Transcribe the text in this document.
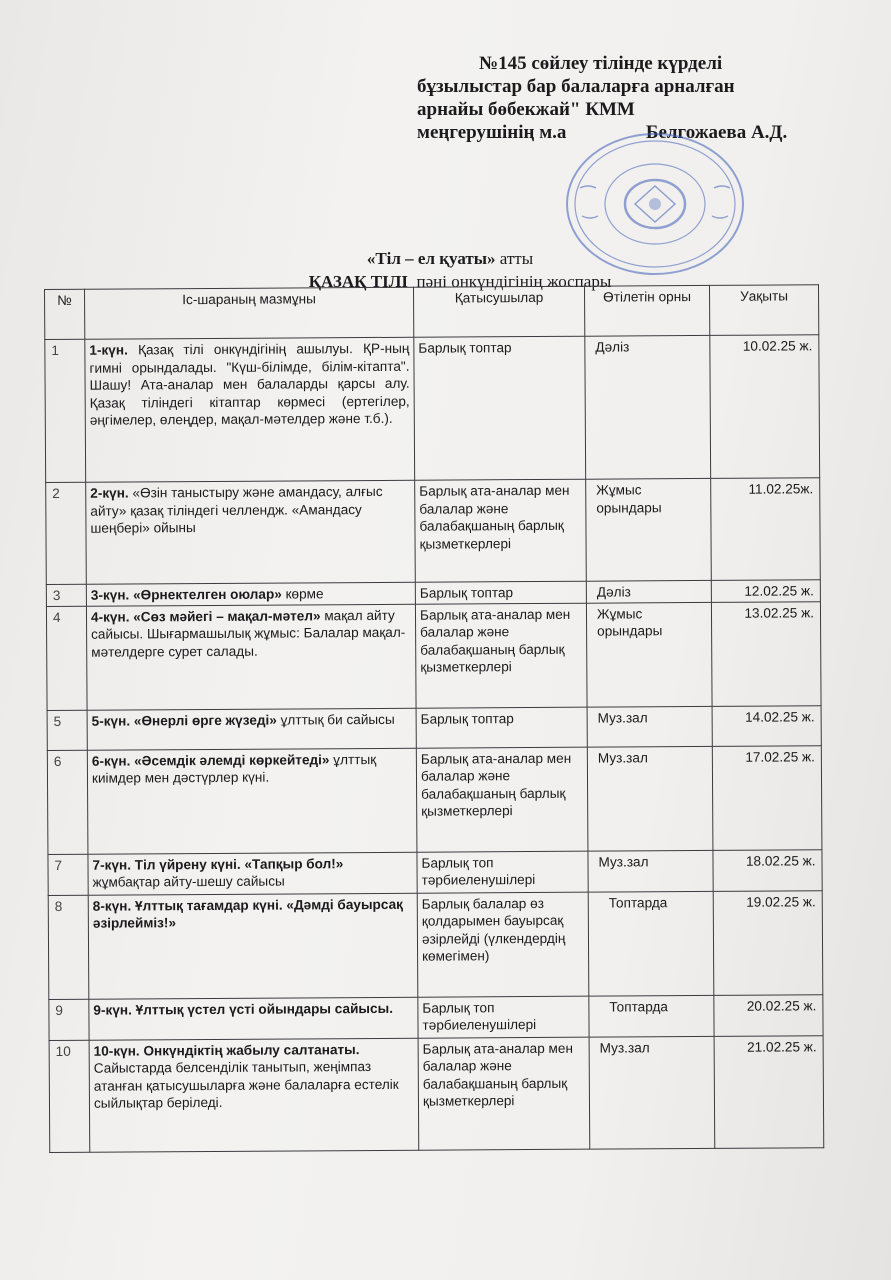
№145 сөйлеу тілінде күрделі
бұзылыстар бар балаларға арналған
арнайы бөбекжай" КММ
меңгерушінің м.а	Белгожаева А.Д.
«Тіл – ел қуаты» атты
ҚАЗАҚ ТІЛІ  пәні онкүндігінің жоспары
№	Іс-шараның мазмұны	Қатысушылар	Өтілетін орны	Уақыты
1	1-күн. Қазақ тілі онкүндігінің ашылуы. ҚР-ның гимні орындалады. "Күш-білімде, білім-кітапта". Шашу! Ата-аналар мен балаларды қарсы алу. Қазақ тіліндегі кітаптар көрмесі (ертегілер, әңгімелер, өлеңдер, мақал-мәтелдер және т.б.).	Барлық топтар	Дәліз	10.02.25 ж.
2	2-күн. «Өзін таныстыру және амандасу, алғыс айту» қазақ тіліндегі челлендж. «Амандасу шеңбері» ойыны	Барлық ата-аналар мен балалар және балабақшаның барлық қызметкерлері	Жұмыс орындары	11.02.25ж.
3	3-күн. «Өрнектелген оюлар» көрме	Барлық топтар	Дәліз	12.02.25 ж.
4	4-күн. «Сөз мәйегі – мақал-мәтел» мақал айту сайысы. Шығармашылық жұмыс: Балалар мақал-мәтелдерге сурет салады.	Барлық ата-аналар мен балалар және балабақшаның барлық қызметкерлері	Жұмыс орындары	13.02.25 ж.
5	5-күн. «Өнерлі өрге жүзеді» ұлттық би сайысы	Барлық топтар	Муз.зал	14.02.25 ж.
6	6-күн. «Әсемдік әлемді көркейтеді» ұлттық киімдер мен дәстүрлер күні.	Барлық ата-аналар мен балалар және балабақшаның барлық қызметкерлері	Муз.зал	17.02.25 ж.
7	7-күн. Тіл үйрену күні. «Тапқыр бол!» жұмбақтар айту-шешу сайысы	Барлық топ тәрбиеленушілері	Муз.зал	18.02.25 ж.
8	8-күн. Ұлттық тағамдар күні. «Дәмді бауырсақ әзірлейміз!»	Барлық балалар өз қолдарымен бауырсақ әзірлейді (үлкендердің көмегімен)	Топтарда	19.02.25 ж.
9	9-күн. Ұлттық үстел үсті ойындары сайысы.	Барлық топ тәрбиеленушілері	Топтарда	20.02.25 ж.
10	10-күн. Онкүндіктің жабылу салтанаты. Сайыстарда белсенділік танытып, жеңімпаз атанған қатысушыларға және балаларға естелік сыйлықтар беріледі.	Барлық ата-аналар мен балалар және балабақшаның барлық қызметкерлері	Муз.зал	21.02.25 ж.
